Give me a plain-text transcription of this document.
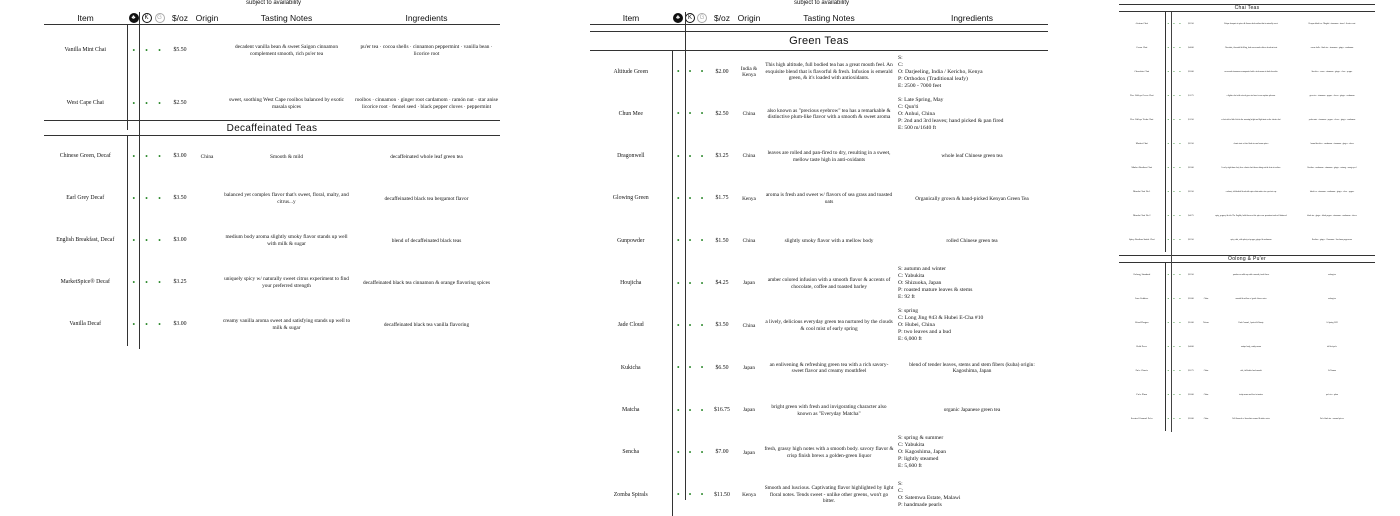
subject to availability
Item	♣	K	G	$/oz	Origin	Tasting Notes	Ingredients
Vanilla Mint Chai	•	•	•	$5.50		decadent vanilla bean & sweet Saigon cinnamon complement smooth, rich pu'er tea	pu'er tea · cocoa shells · cinnamon peppermint · vanilla bean · licorice root
West Cape Chai	•	•	•	$2.50		sweet, soothing West Cape rooibos balanced by exotic masala spices	rooibos · cinnamon · ginger root cardamom · ramón nut · star anise licorice root · fennel seed · black pepper cloves · peppermint
Decaffeinated Teas
Chinese Green, Decaf	•	•	•	$3.00	China	Smooth & mild	decaffeinated whole leaf green tea
Earl Grey Decaf	•	•	•	$3.50		balanced yet complex flavor that's sweet, floral, malty, and citrus...y	decaffeinated black tea bergamot flavor
English Breakfast, Decaf	•	•	•	$3.00		medium body aroma slightly smoky flavor stands up well with milk & sugar	blend of decaffeinated black teas
MarketSpice® Decaf	•	•	•	$3.25		uniquely spicy w/ naturally sweet citrus experiment to find your preferred strength	decaffeinated black tea cinnamon & orange flavoring spices
Vanilla Decaf	•	•	•	$3.00		creamy vanilla aroma sweet and satisfying stands up well to milk & sugar	decaffeinated black tea vanilla flavoring
subject to availability
Item	♣	K	G	$/oz	Origin	Tasting Notes	Ingredients
Green Teas
Altitude Green	•	•	•	$2.00	India & Kenya	This high altitude, full bodied tea has a great mouth feel. An exquisite blend that is flavorful & fresh. Infusion is emerald green, & it's loaded with antioxidants.	S:
C:
O: Darjeeling, India / Kericho, Kenya
P: Orthodox (Traditional leafy)
E: 2500 - 7000 feet
Chun Mee	•	•	•	$2.50	China	also known as "precious eyebrow" tea has a remarkable & distinctive plum-like flavor with a smooth & sweet aroma	S: Late Spring, May
C: Qun'ti
O: Anhui, China
P: 2nd and 3rd leaves; hand picked & pan fired
E: 500 m/1640 ft
Dragonwell	•	•	•	$3.25	China	leaves are rolled and pan-fired to dry, resulting in a sweet, mellow taste high in anti-oxidants	whole leaf Chinese green tea
Glowing Green	•	•	•	$1.75	Kenya	aroma is fresh and sweet w/ flavors of sea grass and toasted oats	Organically grown & hand-picked Kenyan Green Tea
Gunpowder	•	•	•	$1.50	China	slightly smoky flavor with a mellow body	rolled Chinese green tea
Houjicha	•	•	•	$4.25	Japan	amber colored infusion with a smooth flavor & accents of chocolate, coffee and toasted barley	S: autumn and winter
C: Yabukita
O: Shizuoka, Japan
P: roasted mature leaves & stems
E: 92 ft
Jade Cloud	•	•	•	$3.50	China	a lively, delicious everyday green tea nurtured by the clouds & cool mist of early spring	S: spring
C: Long Jing #43 & Hubei E-Cha #10
O: Hubei, China
P: two leaves and a bud
E: 6,000 ft
Kukicha	•	•	•	$6.50	Japan	an enlivening & refreshing green tea with a rich savory-sweet flavor and creamy mouthfeel	blend of tender leaves, stems and stem fibers (kuba) origin: Kagoshima, Japan
Matcha	•	•	•	$16.75	Japan	bright green with fresh and invigorating character also known as "Everyday Matcha"	organic Japanese green tea
Sencha	•	•	•	$7.00	Japan	fresh, grassy high notes with a smooth body. savory flavor & crisp finish brews a golden-green liquor	S: spring & summer
C: Yabukita
O: Kagoshima, Japan
P: lightly steamed
E: 5,600 ft
Zomba Spirals	•	•	•	$11.50	Kenya	Smooth and luscious. Captivating flavor highlighted by light floral notes. Tends sweet - unlike other greens, won't go bitter.	S:
C:
O: Satemwa Estate, Malawi
P: handmade pearls
Chai Teas
African Chai	•	•	•	$2.50		Unique bouquet of spices & flavors dark rooibos that is naturally sweet	Kenyan black tea · Mugabi · cinnamon · fennel · licorice root
Cocoa Chai	•	•	•	$4.00		Chocolate, flavorful & filling, dark cocoa makes this a decadent treat	cocoa shells · black tea · cinnamon · ginger · cardamom
Chocolate Chai	•	•	•	$3.00		cocoa and cinnamon accompanied with a rich aroma of dark chocolate	black tea · cocoa · cinnamon · ginger · clove · pepper
Five Valleys Green Chai	•	•	•	$1.75		a lighter chai with a fresh green tea base for an anytime pleasure	green tea · cinnamon · pepper · cloves · ginger · cardamom
Five Valleys Yerba Chai	•	•	•	$1.50		a chai with a little kick in the morning bright and light taste on the classic chai	yerba mate · cinnamon · pepper · cloves · ginger · cardamom
Market Chai	•	•	•	$2.50		classic taste of fine black tea and warm spices	Assam black tea · cardamom · cinnamon · ginger · cloves
Market Rooibos Chai	•	•	•	$2.00		Lovely night time chai, these classic chai flavors bring out the best of rooibos	Rooibos · cardamom · cinnamon · ginger · nutmeg · orange peel
Masala Chai No.1	•	•	•	$2.50		a robust, full-bodied blend with spices that makes for a perfect cup	black tea · cinnamon · cardamom · ginger · clove · pepper
Masala Chai No.2	•	•	•	$4.75		spicy, peppery & rich. The English, bold flavors of the spices are prominent and well balanced	black tea · ginger · black pepper · cinnamon · cardamom · cloves
Spicy Rooibos Inside Chai	•	•	•	$2.50		spicy chai, with plenty of pepper, ginger & cardamom	Rooibos · ginger · Cinnamon · Szechuan peppercorn
Oolong & Pu'er
Oolong, Standard	•	•	•	$2.50		produces a mild cup with a smooth, fresh flavor	oolong tea
Iron Goddess	•	•	•	$3.00	China	smooth & mellow w/ gentle flower notes	oolong tea
Wood Dragon	•	•	•	$5.00	Taiwan	Dark Caramel, Apricot & Roasty	S: Spring 2019
Bold Pu-er	•	•	•	$4.00		unique body, earthy aroma	fall leaf pu'er
Pu'er Classic	•	•	•	$3.75	China	rich, full bodied and smooth	O: Yunnan
Pu'er Plum	•	•	•	$3.00	China	fruity aroma and low in tannins	pu'er tea · plum
Scented Caramel Pu'er	•	•	•	$3.00	China	Full flavored w/ chocolate caramel & toffee notes	Pu'er black tea · caramel pieces
